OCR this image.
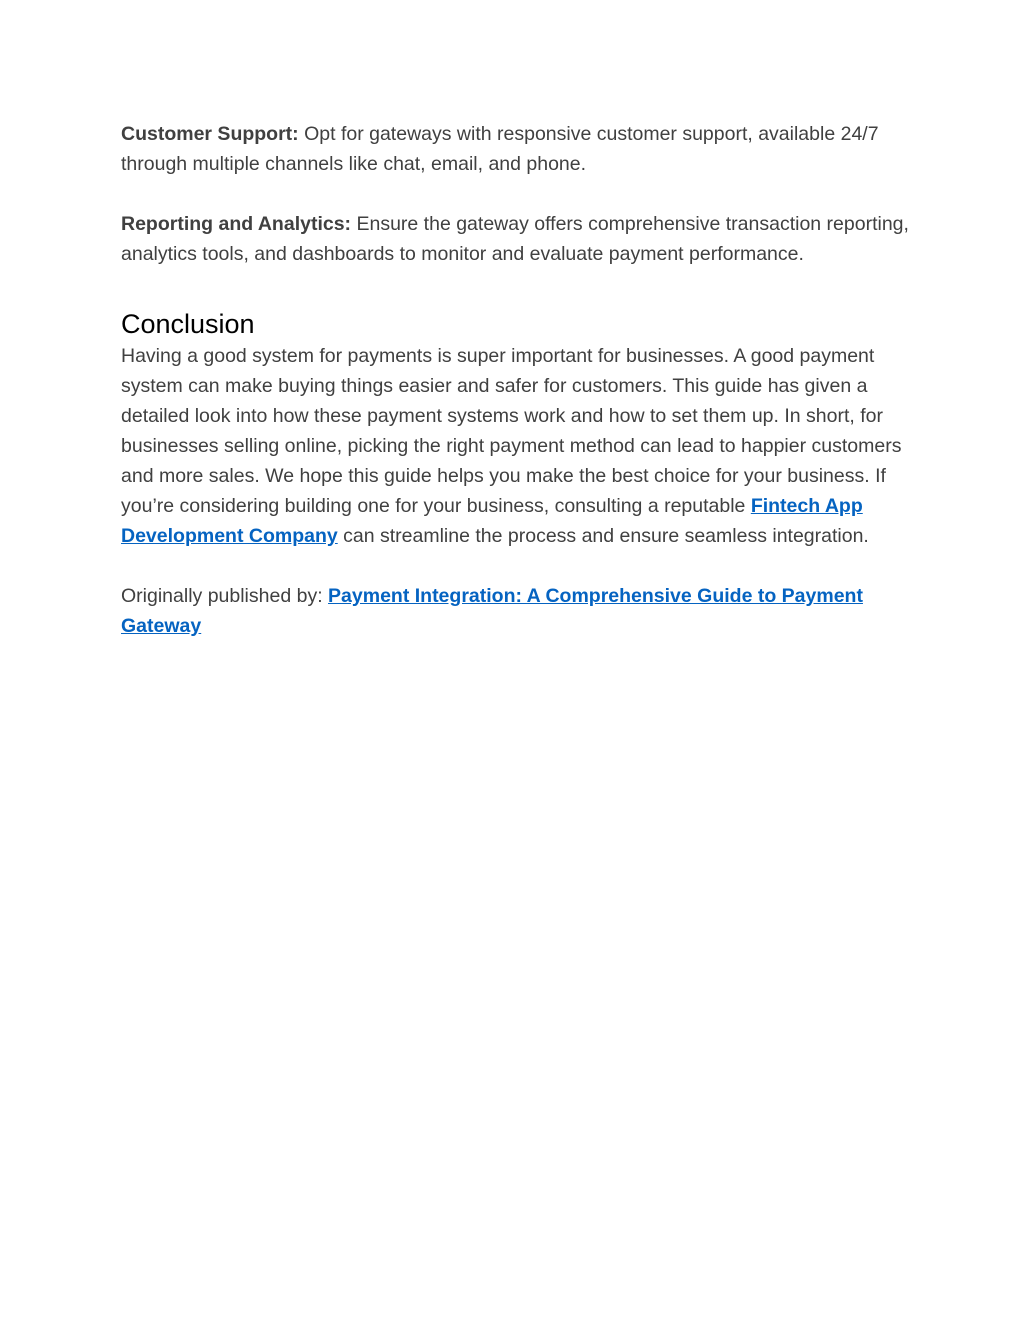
Customer Support: Opt for gateways with responsive customer support, available 24/7 through multiple channels like chat, email, and phone.

Reporting and Analytics: Ensure the gateway offers comprehensive transaction reporting, analytics tools, and dashboards to monitor and evaluate payment performance.

Conclusion

Having a good system for payments is super important for businesses. A good payment system can make buying things easier and safer for customers. This guide has given a detailed look into how these payment systems work and how to set them up. In short, for businesses selling online, picking the right payment method can lead to happier customers and more sales. We hope this guide helps you make the best choice for your business. If you’re considering building one for your business, consulting a reputable Fintech App Development Company can streamline the process and ensure seamless integration.

Originally published by: Payment Integration: A Comprehensive Guide to Payment Gateway
